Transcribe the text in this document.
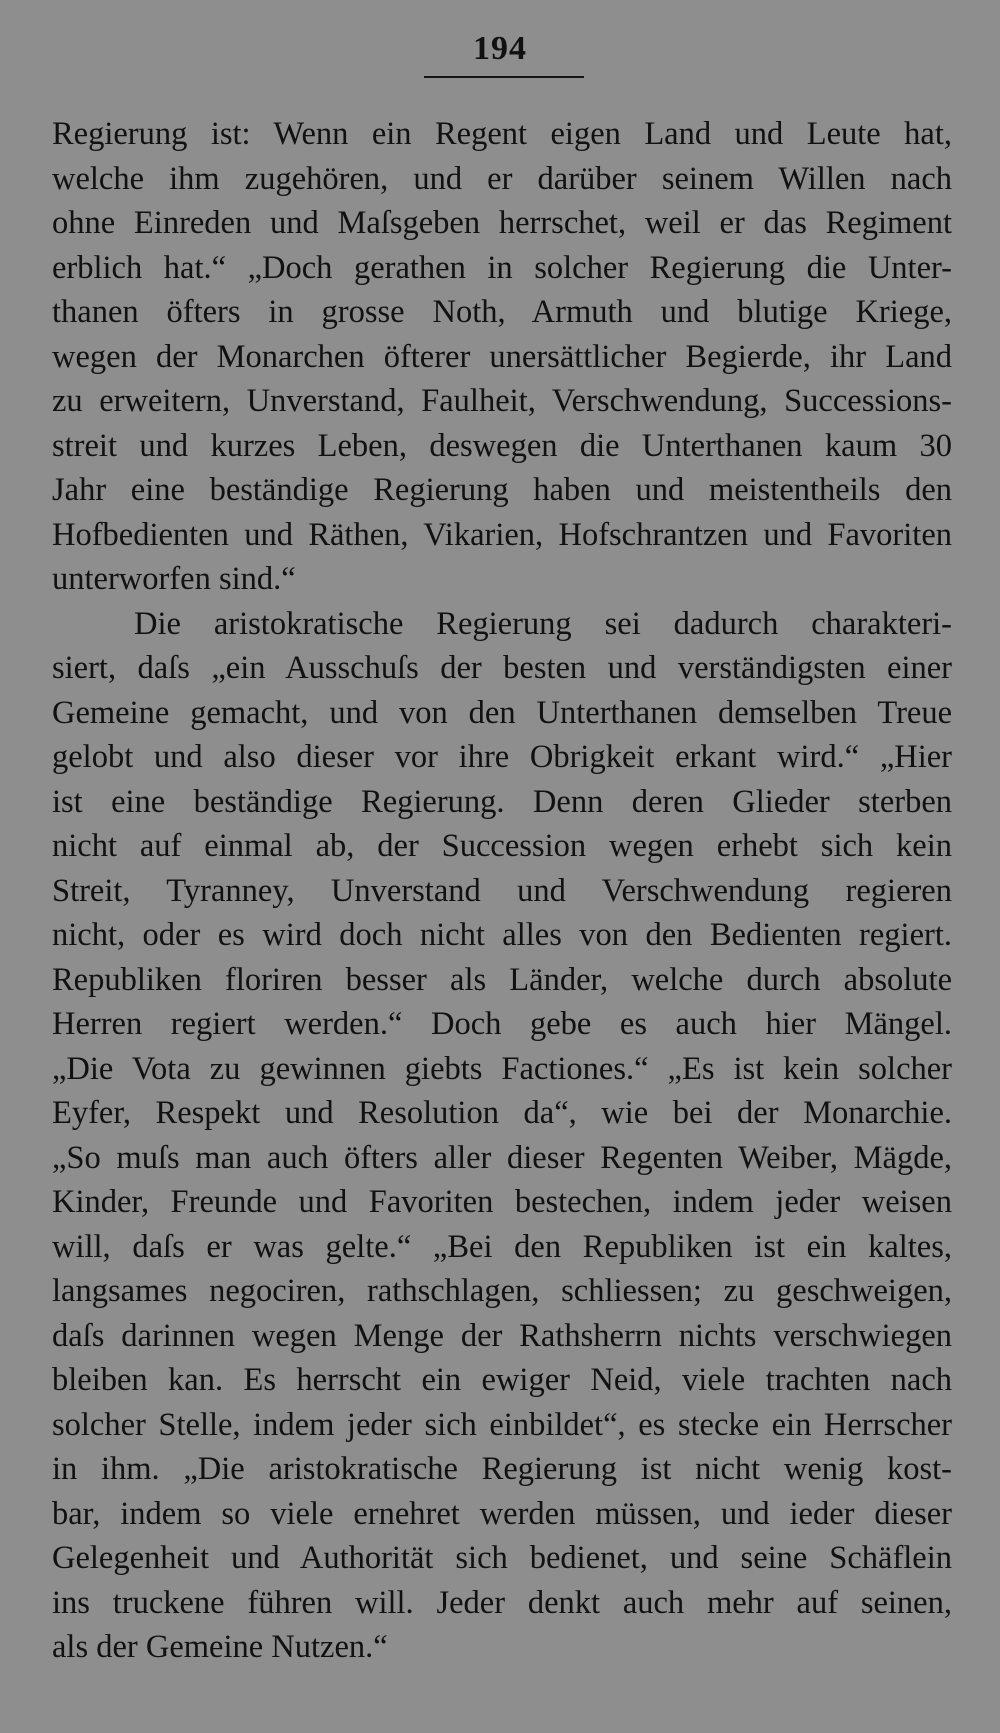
194
Regierung ist: Wenn ein Regent eigen Land und Leute hat,
welche ihm zugehören, und er darüber seinem Willen nach
ohne Einreden und Maſsgeben herrschet, weil er das Regiment
erblich hat.“ „Doch gerathen in solcher Regierung die Unter-
thanen öfters in grosse Noth, Armuth und blutige Kriege,
wegen der Monarchen öfterer unersättlicher Begierde, ihr Land
zu erweitern, Unverstand, Faulheit, Verschwendung, Successions-
streit und kurzes Leben, deswegen die Unterthanen kaum 30
Jahr eine beständige Regierung haben und meistentheils den
Hofbedienten und Räthen, Vikarien, Hofschrantzen und Favoriten
unterworfen sind.“
Die aristokratische Regierung sei dadurch charakteri-
siert, daſs „ein Ausschuſs der besten und verständigsten einer
Gemeine gemacht, und von den Unterthanen demselben Treue
gelobt und also dieser vor ihre Obrigkeit erkant wird.“ „Hier
ist eine beständige Regierung. Denn deren Glieder sterben
nicht auf einmal ab, der Succession wegen erhebt sich kein
Streit, Tyranney, Unverstand und Verschwendung regieren
nicht, oder es wird doch nicht alles von den Bedienten regiert.
Republiken floriren besser als Länder, welche durch absolute
Herren regiert werden.“ Doch gebe es auch hier Mängel.
„Die Vota zu gewinnen giebts Factiones.“ „Es ist kein solcher
Eyfer, Respekt und Resolution da“, wie bei der Monarchie.
„So muſs man auch öfters aller dieser Regenten Weiber, Mägde,
Kinder, Freunde und Favoriten bestechen, indem jeder weisen
will, daſs er was gelte.“ „Bei den Republiken ist ein kaltes,
langsames negociren, rathschlagen, schliessen; zu geschweigen,
daſs darinnen wegen Menge der Rathsherrn nichts verschwiegen
bleiben kan. Es herrscht ein ewiger Neid, viele trachten nach
solcher Stelle, indem jeder sich einbildet“, es stecke ein Herrscher
in ihm. „Die aristokratische Regierung ist nicht wenig kost-
bar, indem so viele ernehret werden müssen, und ieder dieser
Gelegenheit und Authorität sich bedienet, und seine Schäflein
ins truckene führen will. Jeder denkt auch mehr auf seinen,
als der Gemeine Nutzen.“
